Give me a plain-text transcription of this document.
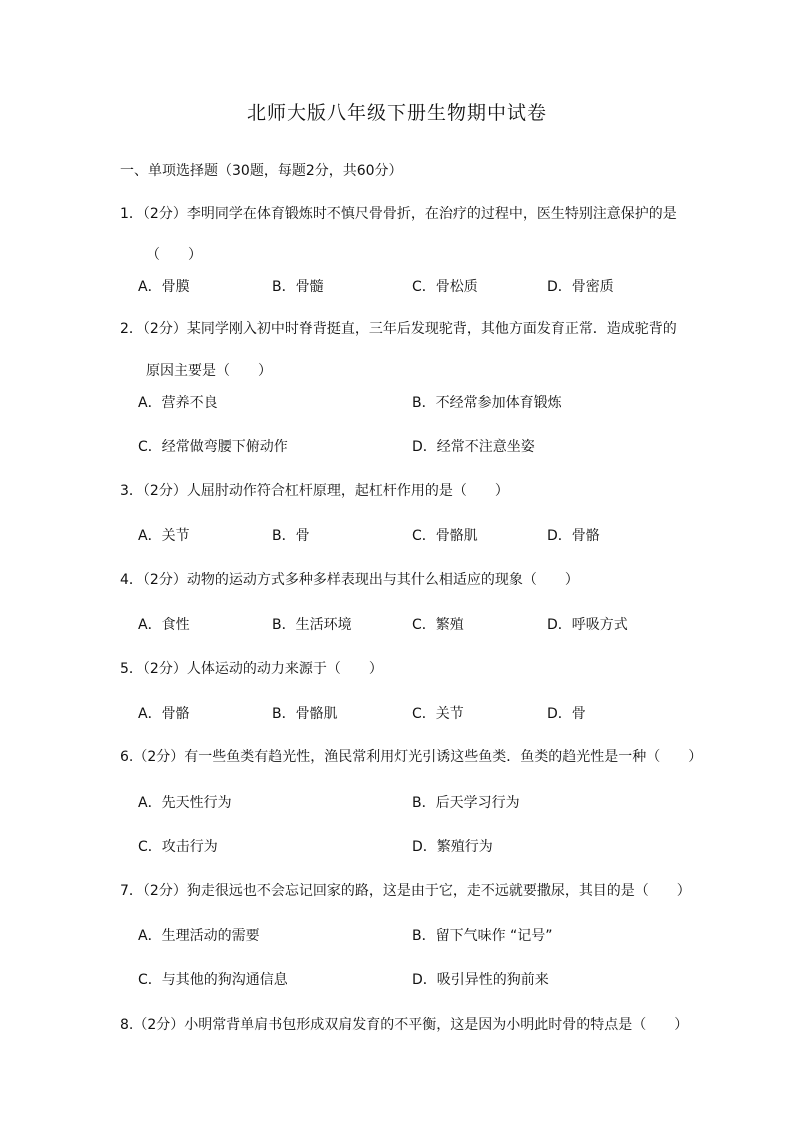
北师大版八年级下册生物期中试卷
一、单项选择题（30题，每题2分，共60分）
1．（2分）李明同学在体育锻炼时不慎尺骨骨折，在治疗的过程中，医生特别注意保护的是
（　　）
A．骨膜	B．骨髓	C．骨松质	D．骨密质
2．（2分）某同学刚入初中时脊背挺直，三年后发现驼背，其他方面发育正常．造成驼背的
原因主要是（　　）
A．营养不良	B．不经常参加体育锻炼
C．经常做弯腰下俯动作	D．经常不注意坐姿
3．（2分）人屈肘动作符合杠杆原理，起杠杆作用的是（　　）
A．关节	B．骨	C．骨骼肌	D．骨骼
4．（2分）动物的运动方式多种多样表现出与其什么相适应的现象（　　）
A．食性	B．生活环境	C．繁殖	D．呼吸方式
5．（2分）人体运动的动力来源于（　　）
A．骨骼	B．骨骼肌	C．关节	D．骨
6.（2分）有一些鱼类有趋光性，渔民常利用灯光引诱这些鱼类．鱼类的趋光性是一种（　　）
A．先天性行为	B．后天学习行为
C．攻击行为	D．繁殖行为
7．（2分）狗走很远也不会忘记回家的路，这是由于它，走不远就要撒尿，其目的是（　　）
A．生理活动的需要	B．留下气味作 “记号”
C．与其他的狗沟通信息	D．吸引异性的狗前来
8.（2分）小明常背单肩书包形成双肩发育的不平衡，这是因为小明此时骨的特点是（　　）
